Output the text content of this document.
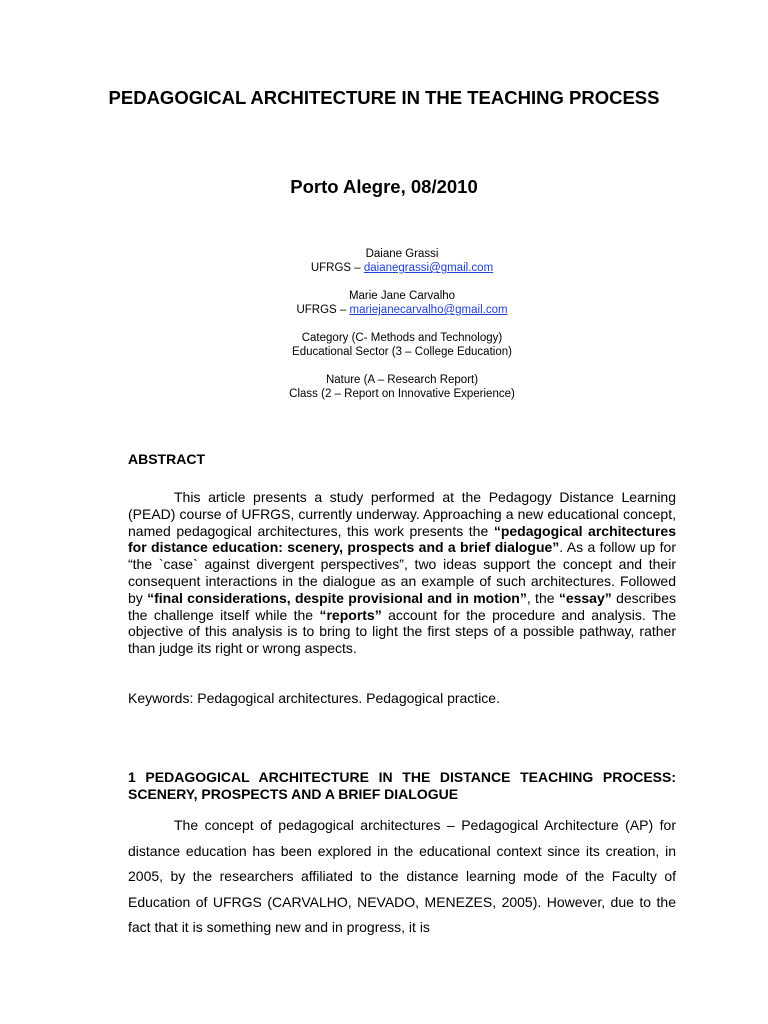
PEDAGOGICAL ARCHITECTURE IN THE TEACHING PROCESS
Porto Alegre, 08/2010
Daiane Grassi
UFRGS – daianegrassi@gmail.com
Marie Jane Carvalho
UFRGS – mariejanecarvalho@gmail.com
Category (C- Methods and Technology)
Educational Sector (3 – College Education)
Nature (A – Research Report)
Class (2 – Report on Innovative Experience)
ABSTRACT

This article presents a study performed at the Pedagogy Distance Learning (PEAD) course of UFRGS, currently underway. Approaching a new educational concept, named pedagogical architectures, this work presents the “pedagogical architectures for distance education: scenery, prospects and a brief dialogue”. As a follow up for “the `case` against divergent perspectives”, two ideas support the concept and their consequent interactions in the dialogue as an example of such architectures. Followed by “final considerations, despite provisional and in motion”, the “essay” describes the challenge itself while the “reports” account for the procedure and analysis. The objective of this analysis is to bring to light the first steps of a possible pathway, rather than judge its right or wrong aspects.

Keywords: Pedagogical architectures. Pedagogical practice.

1 PEDAGOGICAL ARCHITECTURE IN THE DISTANCE TEACHING PROCESS: SCENERY, PROSPECTS AND A BRIEF DIALOGUE

The concept of pedagogical architectures – Pedagogical Architecture (AP) for distance education has been explored in the educational context since its creation, in 2005, by the researchers affiliated to the distance learning mode of the Faculty of Education of UFRGS (CARVALHO, NEVADO, MENEZES, 2005). However, due to the fact that it is something new and in progress, it is
